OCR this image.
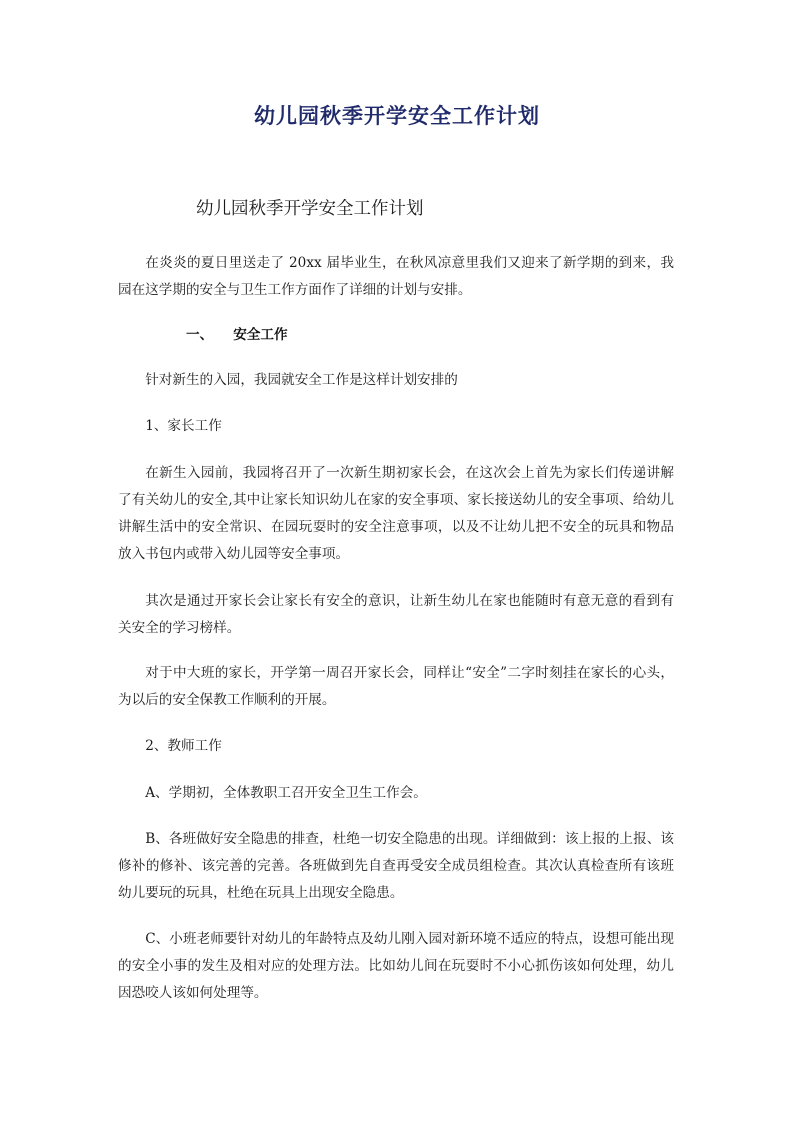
幼儿园秋季开学安全工作计划
幼儿园秋季开学安全工作计划

在炎炎的夏日里送走了 20xx 届毕业生，在秋风凉意里我们又迎来了新学期的到来，我园在这学期的安全与卫生工作方面作了详细的计划与安排。

一、 安全工作

针对新生的入园，我园就安全工作是这样计划安排的

1、家长工作

在新生入园前，我园将召开了一次新生期初家长会，在这次会上首先为家长们传递讲解了有关幼儿的安全,其中让家长知识幼儿在家的安全事项、家长接送幼儿的安全事项、给幼儿讲解生活中的安全常识、在园玩耍时的安全注意事项，以及不让幼儿把不安全的玩具和物品放入书包内或带入幼儿园等安全事项。

其次是通过开家长会让家长有安全的意识，让新生幼儿在家也能随时有意无意的看到有关安全的学习榜样。

对于中大班的家长，开学第一周召开家长会，同样让“安全”二字时刻挂在家长的心头，为以后的安全保教工作顺利的开展。

2、教师工作

A、学期初，全体教职工召开安全卫生工作会。

B、各班做好安全隐患的排查，杜绝一切安全隐患的出现。详细做到：该上报的上报、该修补的修补、该完善的完善。各班做到先自查再受安全成员组检查。其次认真检查所有该班幼儿要玩的玩具，杜绝在玩具上出现安全隐患。

C、小班老师要针对幼儿的年龄特点及幼儿刚入园对新环境不适应的特点，设想可能出现的安全小事的发生及相对应的处理方法。比如幼儿间在玩耍时不小心抓伤该如何处理，幼儿因恐咬人该如何处理等。
